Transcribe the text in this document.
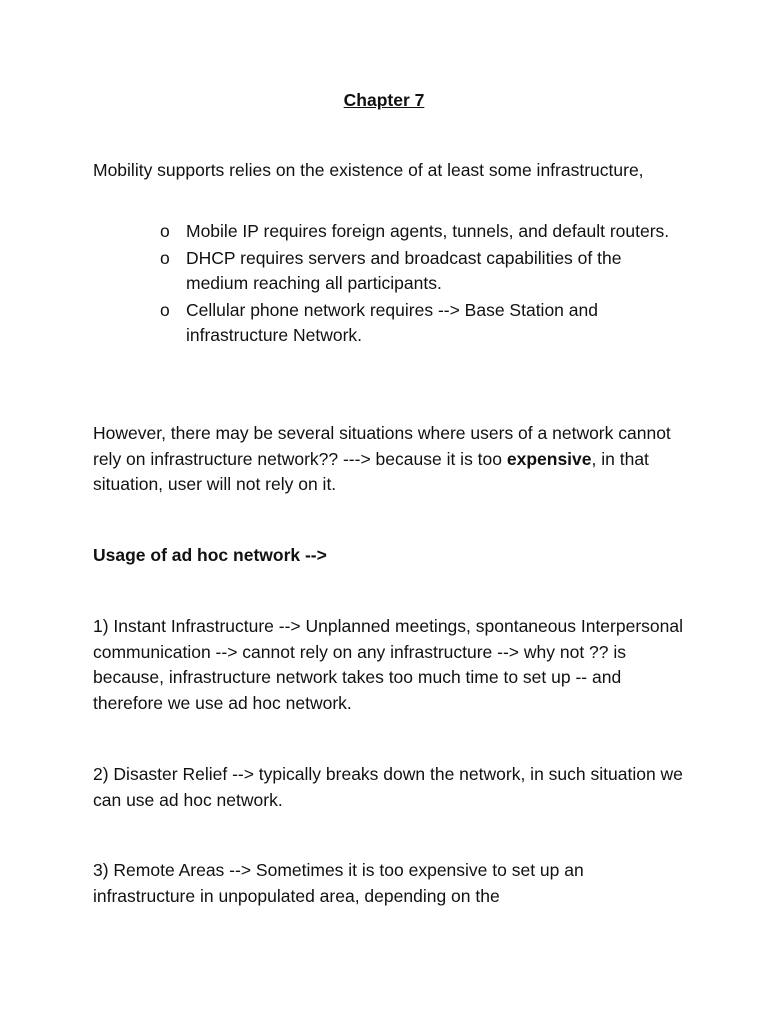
Chapter 7

Mobility supports relies on the existence of at least some infrastructure,

o Mobile IP requires foreign agents, tunnels, and default routers.
o DHCP requires servers and broadcast capabilities of the medium reaching all participants.
o Cellular phone network requires --> Base Station and infrastructure Network.

However, there may be several situations where users of a network cannot rely on infrastructure network?? ---> because it is too expensive, in that situation, user will not rely on it.

Usage of ad hoc network -->

1) Instant Infrastructure --> Unplanned meetings, spontaneous Interpersonal communication --> cannot rely on any infrastructure --> why not ?? is because, infrastructure network takes too much time to set up -- and therefore we use ad hoc network.

2) Disaster Relief --> typically breaks down the network, in such situation we can use ad hoc network.

3) Remote Areas --> Sometimes it is too expensive to set up an infrastructure in unpopulated area, depending on the
